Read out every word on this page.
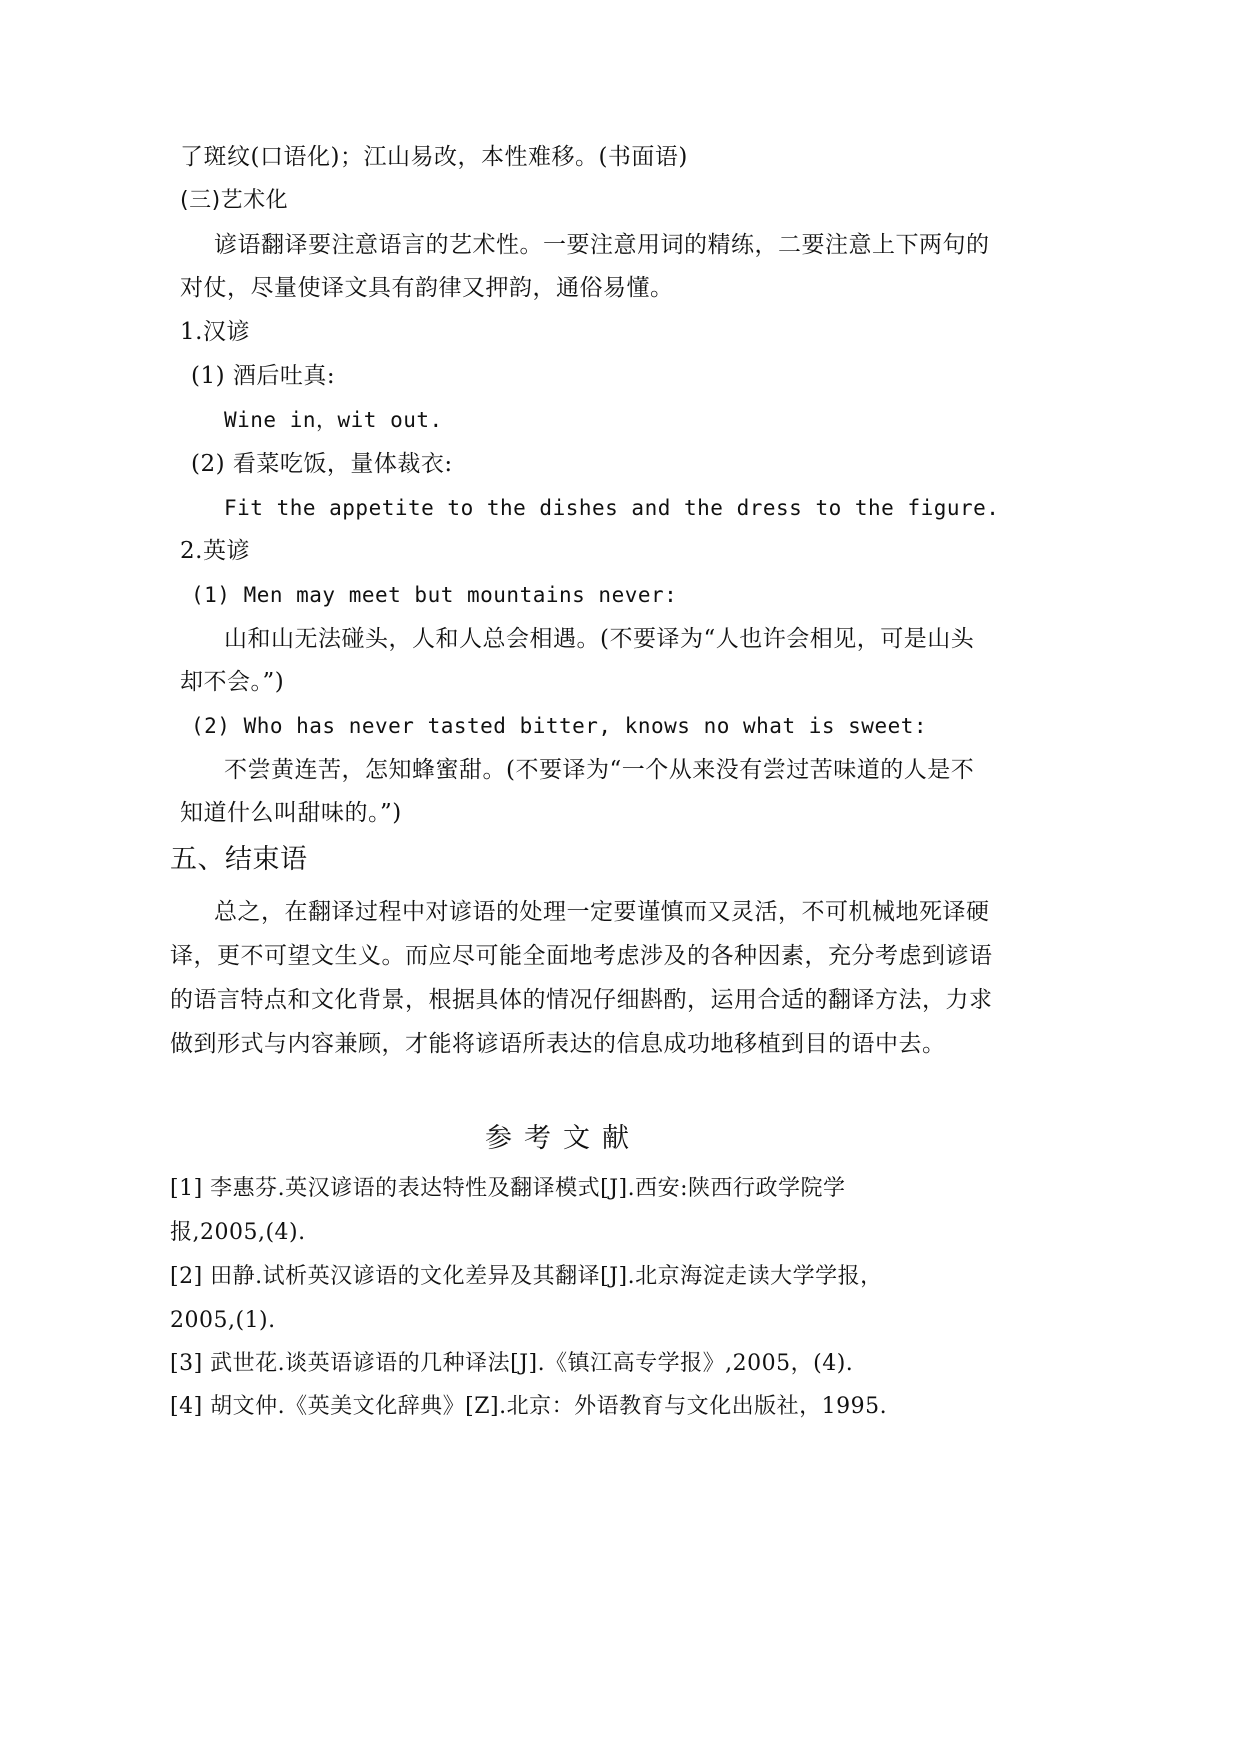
了斑纹(口语化)；江山易改，本性难移。(书面语)
(三)艺术化
谚语翻译要注意语言的艺术性。一要注意用词的精练，二要注意上下两句的
对仗，尽量使译文具有韵律又押韵，通俗易懂。
1.汉谚
(1) 酒后吐真:
Wine in，wit out.
(2) 看菜吃饭，量体裁衣:
Fit the appetite to the dishes and the dress to the figure.
2.英谚
(1) Men may meet but mountains never:
山和山无法碰头，人和人总会相遇。(不要译为“人也许会相见，可是山头
却不会。”)
(2) Who has never tasted bitter, knows no what is sweet:
不尝黄连苦，怎知蜂蜜甜。(不要译为“一个从来没有尝过苦味道的人是不
知道什么叫甜味的。”)
五、结束语
总之，在翻译过程中对谚语的处理一定要谨慎而又灵活，不可机械地死译硬
译，更不可望文生义。而应尽可能全面地考虑涉及的各种因素，充分考虑到谚语
的语言特点和文化背景，根据具体的情况仔细斟酌，运用合适的翻译方法，力求
做到形式与内容兼顾，才能将谚语所表达的信息成功地移植到目的语中去。
参考文献
[1] 李惠芬.英汉谚语的表达特性及翻译模式[J].西安:陕西行政学院学
报,2005,(4).
[2] 田静.试析英汉谚语的文化差异及其翻译[J].北京海淀走读大学学报，
2005,(1).
[3] 武世花.谈英语谚语的几种译法[J].《镇江高专学报》,2005，(4).
[4] 胡文仲.《英美文化辞典》[Z].北京：外语教育与文化出版社，1995.
